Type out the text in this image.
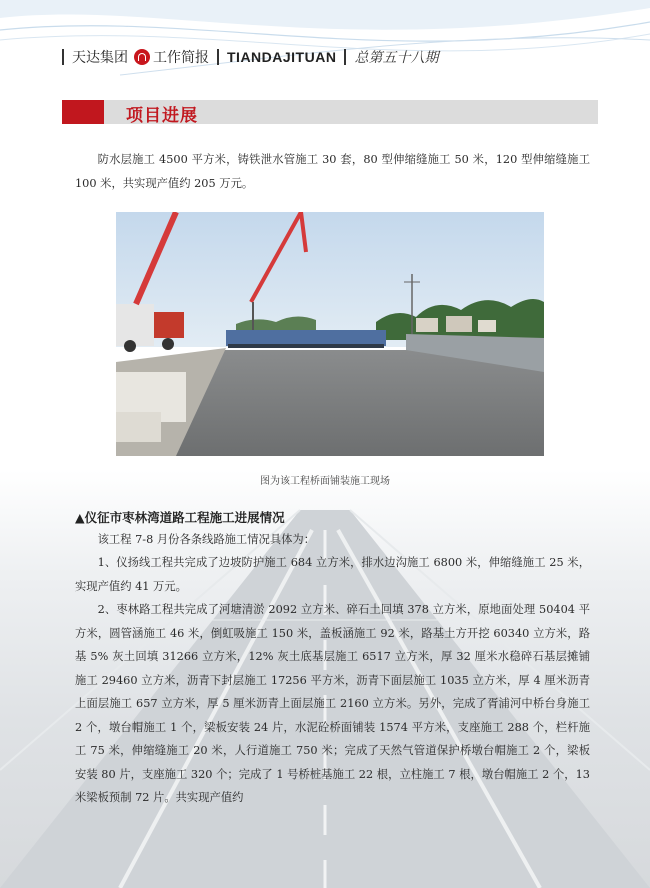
天达集团 工作简报 TIANDAJITUAN 总第五十八期
项目进展
防水层施工 4500 平方米，铸铁泄水管施工 30 套，80 型伸缩缝施工 50 米，120 型伸缩缝施工 100 米，共实现产值约 205 万元。
图为该工程桥面铺装施工现场
▲仪征市枣林湾道路工程施工进展情况
该工程 7-8 月份各条线路施工情况具体为：
1、仪扬线工程共完成了边坡防护施工 684 立方米，排水边沟施工 6800 米，伸缩缝施工 25 米，实现产值约 41 万元。
2、枣林路工程共完成了河塘清淤 2092 立方米、碎石土回填 378 立方米，原地面处理 50404 平方米，圆管涵施工 46 米，倒虹吸施工 150 米，盖板涵施工 92 米，路基土方开挖 60340 立方米，路基 5% 灰土回填 31266 立方米，12% 灰土底基层施工 6517 立方米，厚 32 厘米水稳碎石基层摊铺施工 29460 立方米，沥青下封层施工 17256 平方米，沥青下面层施工 1035 立方米，厚 4 厘米沥青上面层施工 657 立方米，厚 5 厘米沥青上面层施工 2160 立方米。另外，完成了胥浦河中桥台身施工 2 个，墩台帽施工 1 个，梁板安装 24 片，水泥砼桥面铺装 1574 平方米，支座施工 288 个，栏杆施工 75 米，伸缩缝施工 20 米，人行道施工 750 米；完成了天然气管道保护桥墩台帽施工 2 个，梁板安装 80 片，支座施工 320 个；完成了 1 号桥桩基施工 22 根，立柱施工 7 根，墩台帽施工 2 个，13 米梁板预制 72 片。共实现产值约
